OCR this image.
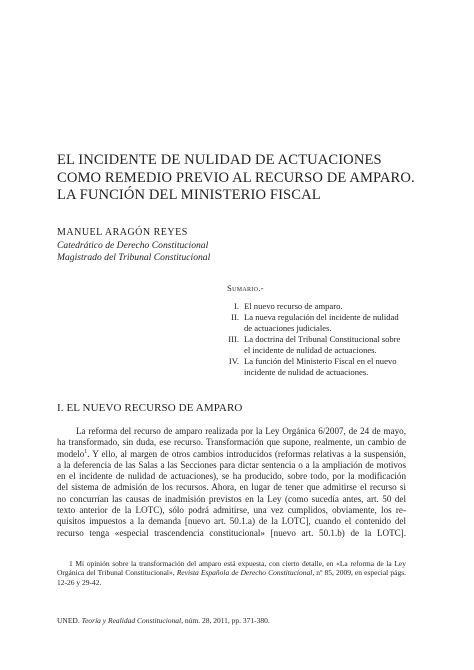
EL INCIDENTE DE NULIDAD DE ACTUACIONES
COMO REMEDIO PREVIO AL RECURSO DE AMPARO.
LA FUNCIÓN DEL MINISTERIO FISCAL
MANUEL ARAGÓN REYES
Catedrático de Derecho Constitucional
Magistrado del Tribunal Constitucional
Sumario.-
I. El nuevo recurso de amparo.
II. La nueva regulación del incidente de nulidad
de actuaciones judiciales.
III. La doctrina del Tribunal Constitucional sobre
el incidente de nulidad de actuaciones.
IV. La función del Ministerio Fiscal en el nuevo
incidente de nulidad de actuaciones.
I. EL NUEVO RECURSO DE AMPARO
La reforma del recurso de amparo realizada por la Ley Orgánica 6/2007, de 24 de mayo,
ha transformado, sin duda, ese recurso. Transformación que supone, realmente, un cambio de
modelo$^1$. Y ello, al margen de otros cambios introducidos (reformas relativas a la suspensión,
a la deferencia de las Salas a las Secciones para dictar sentencia o a la ampliación de motivos
en el incidente de nulidad de actuaciones), se ha producido, sobre todo, por la modificación
del sistema de admisión de los recursos. Ahora, en lugar de tener que admitirse el recurso si
no concurrían las causas de inadmisión previstos en la Ley (como sucedía antes, art. 50 del
texto anterior de la LOTC), sólo podrá admitirse, una vez cumplidos, obviamente, los re-
quisitos impuestos a la demanda [nuevo art. 50.1.a) de la LOTC], cuando el contenido del
recurso tenga «especial trascendencia constitucional» [nuevo art. 50.1.b) de la LOTC].
1 Mi opinión sobre la transformación del amparo está expuesta, con cierto detalle, en «La reforma de la Ley
Orgánica del Tribunal Constitucional», Revista Española de Derecho Constitucional, nº 85, 2009, en especial págs.
12-26 y 29-42.
UNED. Teoría y Realidad Constitucional, núm. 28, 2011, pp. 371-380.
